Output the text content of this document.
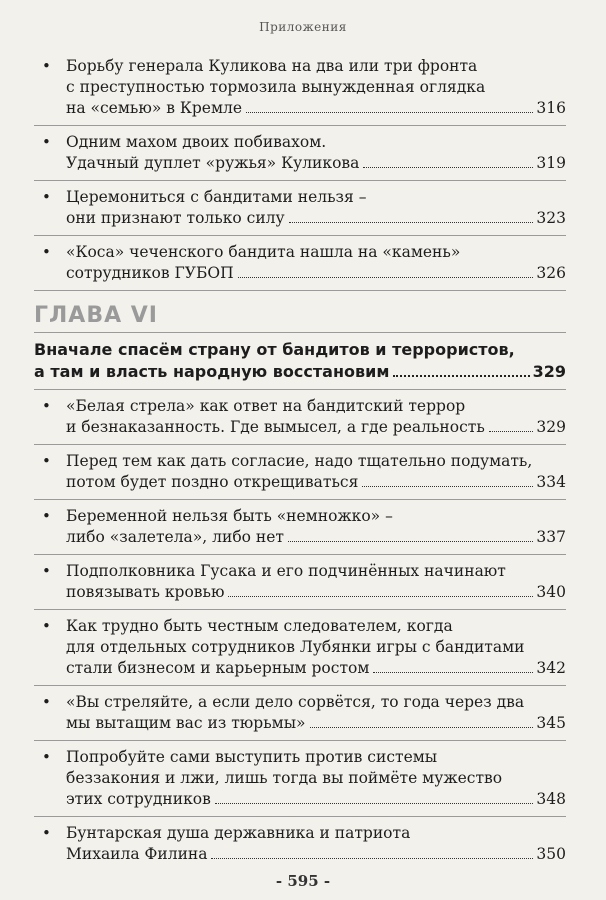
Приложения
• Борьбу генерала Куликова на два или три фронта
с преступностью тормозила вынужденная оглядка
на «семью» в Кремле	316
• Одним махом двоих побивахом.
Удачный дуплет «ружья» Куликова	319
• Церемониться с бандитами нельзя –
они признают только силу	323
• «Коса» чеченского бандита нашла на «камень»
сотрудников ГУБОП	326
ГЛАВА VI
Вначале спасём страну от бандитов и террористов,
а там и власть народную восстановим	329
• «Белая стрела» как ответ на бандитский террор
и безнаказанность. Где вымысел, а где реальность	329
• Перед тем как дать согласие, надо тщательно подумать,
потом будет поздно открещиваться	334
• Беременной нельзя быть «немножко» –
либо «залетела», либо нет	337
• Подполковника Гусака и его подчинённых начинают
повязывать кровью	340
• Как трудно быть честным следователем, когда
для отдельных сотрудников Лубянки игры с бандитами
стали бизнесом и карьерным ростом	342
• «Вы стреляйте, а если дело сорвётся, то года через два
мы вытащим вас из тюрьмы»	345
• Попробуйте сами выступить против системы
беззакония и лжи, лишь тогда вы поймёте мужество
этих сотрудников	348
• Бунтарская душа державника и патриота
Михаила Филина	350
- 595 -
